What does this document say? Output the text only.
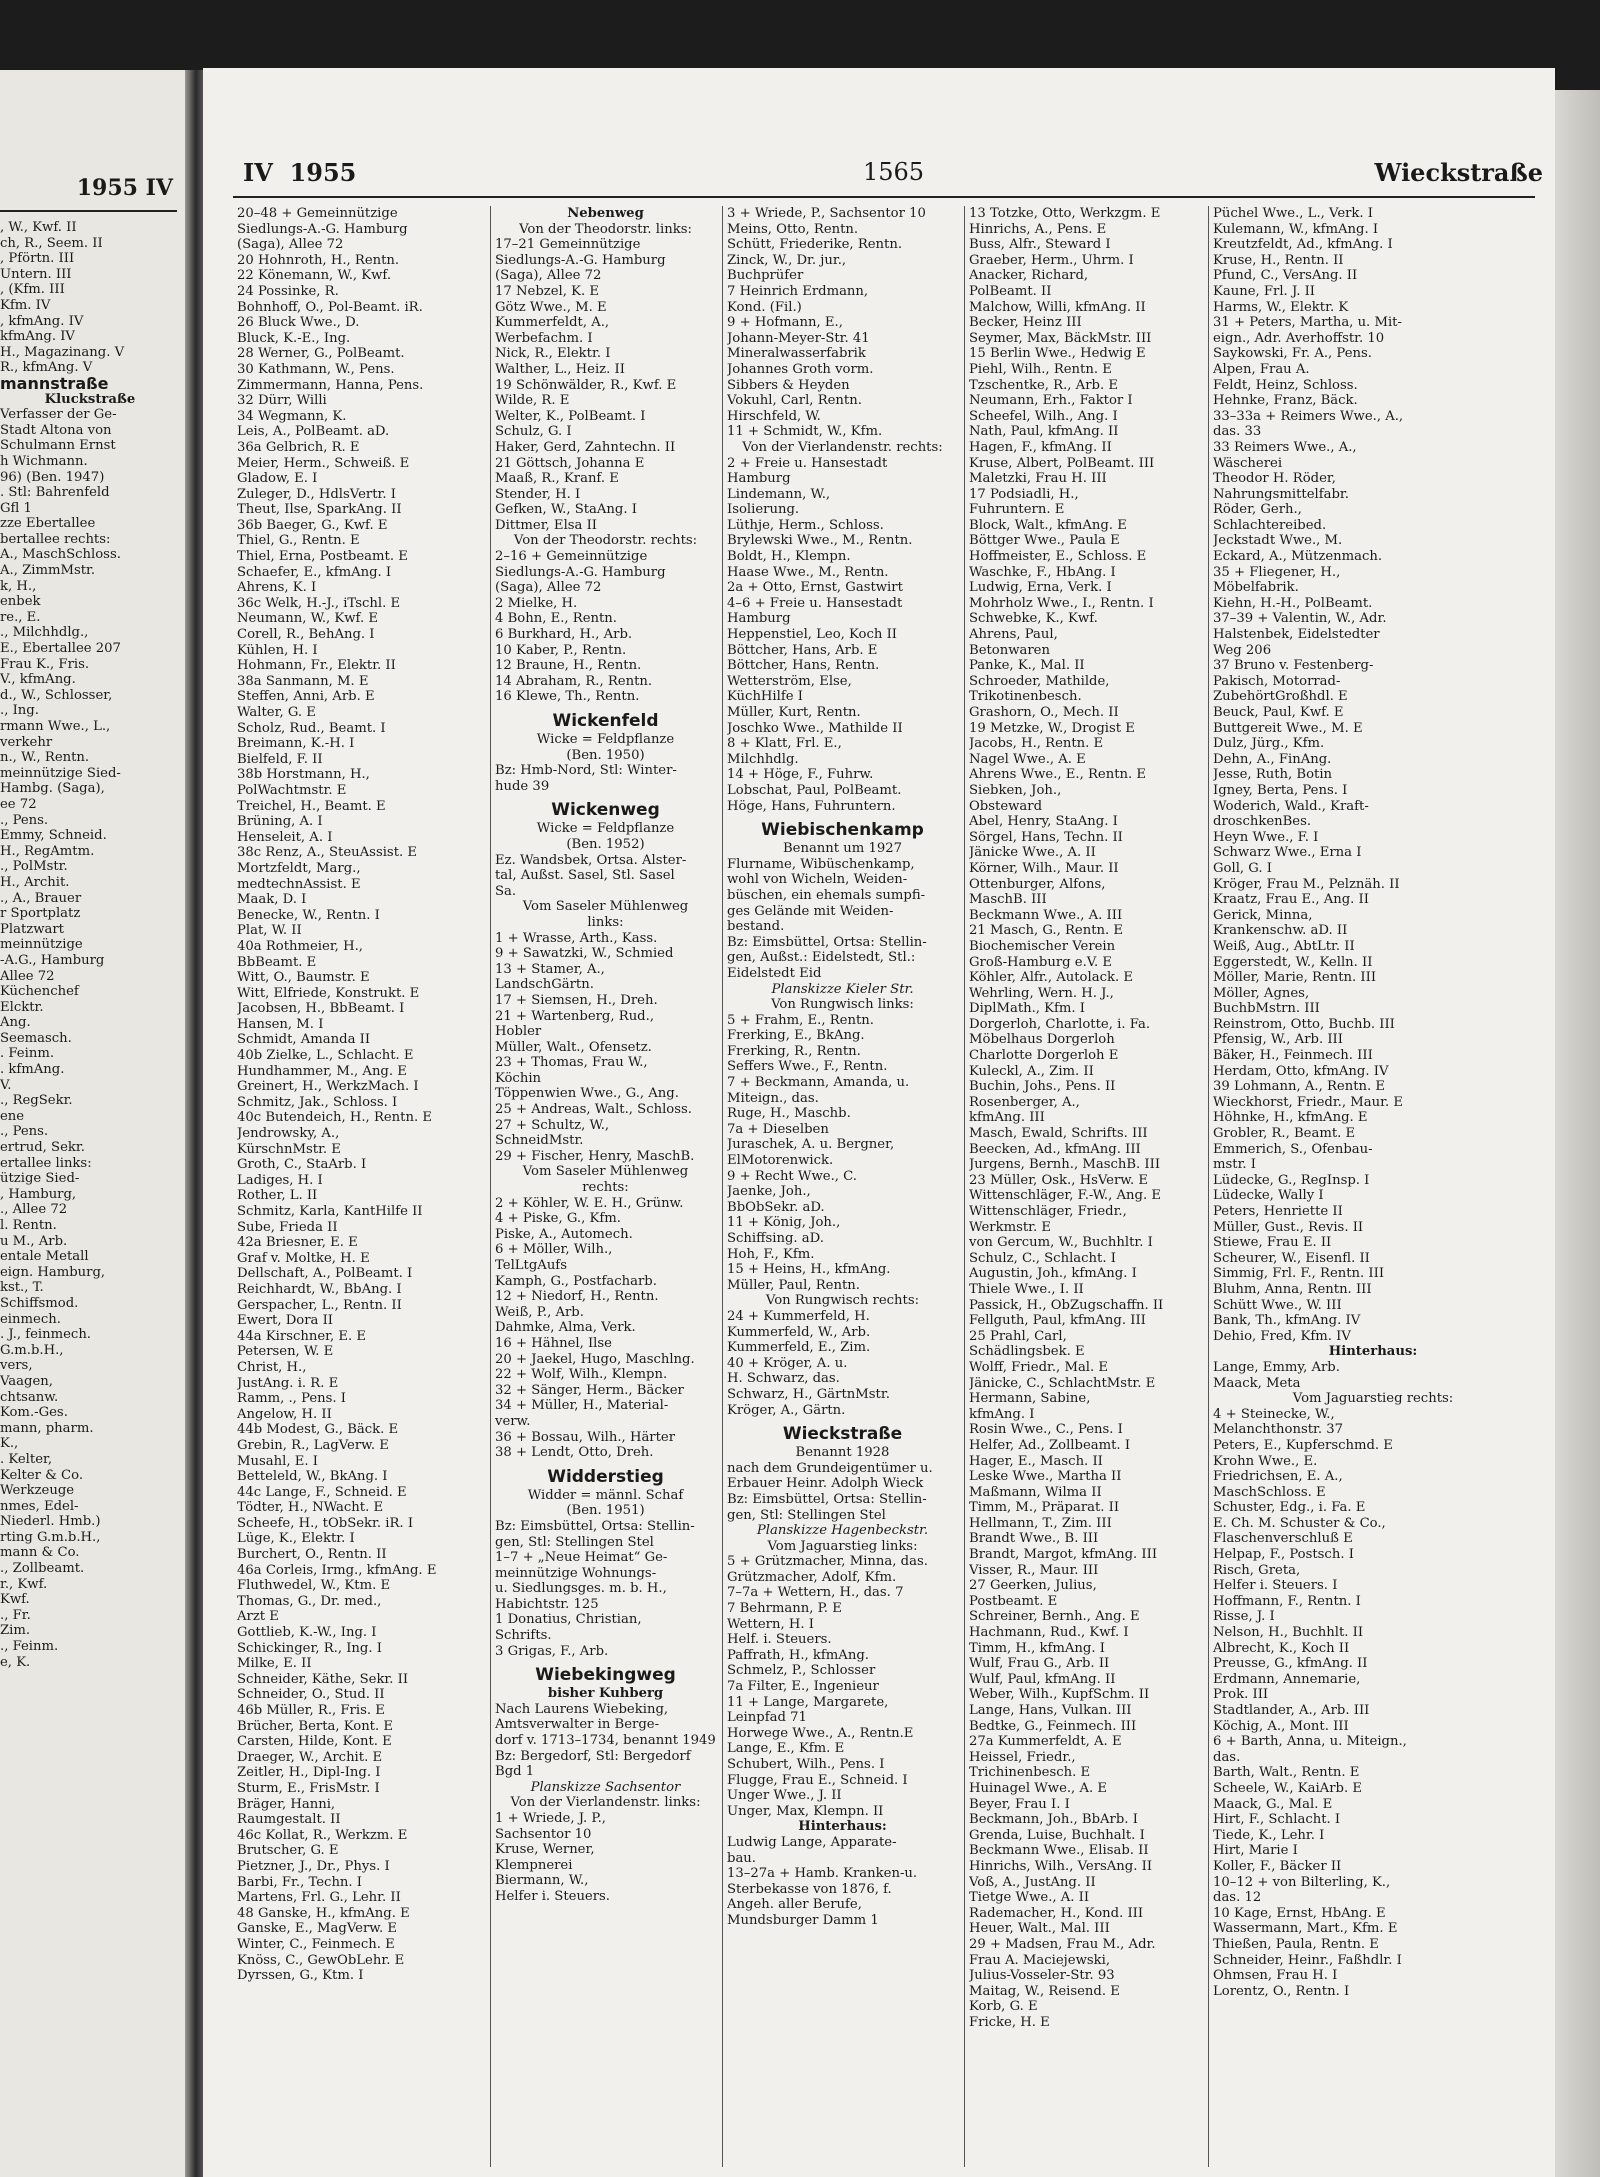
1955 IV
, W., Kwf. II
ch, R., Seem. II
, Pförtn. III
Untern. III
, (Kfm. III
Kfm. IV
, kfmAng. IV
kfmAng. IV
H., Magazinang. V
R., kfmAng. V
mannstraße
Kluckstraße
Verfasser der Ge-
Stadt Altona von
Schulmann Ernst
h Wichmann.
96) (Ben. 1947)
. Stl: Bahrenfeld
Gfl 1
zze Ebertallee
bertallee rechts:
A., MaschSchloss.
A., ZimmMstr.
k, H.,
enbek
re., E.
., Milchhdlg.,
E., Ebertallee 207
Frau K., Fris.
V., kfmAng.
d., W., Schlosser,
., Ing.
rmann Wwe., L.,
verkehr
n., W., Rentn.
meinnützige Sied-
Hambg. (Saga),
ee 72
., Pens.
Emmy, Schneid.
H., RegAmtm.
., PolMstr.
H., Archit.
., A., Brauer
r Sportplatz
Platzwart
meinnützige
-A.G., Hamburg
Allee 72
Küchenchef
Elcktr.
Ang.
Seemasch.
. Feinm.
. kfmAng.
V.
., RegSekr.
ene
., Pens.
ertrud, Sekr.
ertallee links:
ützige Sied-
, Hamburg,
., Allee 72
l. Rentn.
u M., Arb.
entale Metall
eign. Hamburg,
kst., T.
Schiffsmod.
einmech.
. J., feinmech.
G.m.b.H.,
vers,
Vaagen,
chtsanw.
Kom.-Ges.
mann, pharm.
K.,
. Kelter,
Kelter & Co.
Werkzeuge
nmes, Edel-
Niederl. Hmb.)
rting G.m.b.H.,
mann & Co.
., Zollbeamt.
r., Kwf.
Kwf.
., Fr.
Zim.
., Feinm.
e, K.
IV 1955	1565	Wieckstraße
20–48 + Gemeinnützige
Siedlungs-A.-G. Hamburg
(Saga), Allee 72
20 Hohnroth, H., Rentn.
22 Könemann, W., Kwf.
24 Possinke, R.
Bohnhoff, O., Pol-Beamt. iR.
26 Bluck Wwe., D.
Bluck, K.-E., Ing.
28 Werner, G., PolBeamt.
30 Kathmann, W., Pens.
Zimmermann, Hanna, Pens.
32 Dürr, Willi
34 Wegmann, K.
Leis, A., PolBeamt. aD.
36a Gelbrich, R. E
Meier, Herm., Schweiß. E
Gladow, E. I
Zuleger, D., HdlsVertr. I
Theut, Ilse, SparkAng. II
36b Baeger, G., Kwf. E
Thiel, G., Rentn. E
Thiel, Erna, Postbeamt. E
Schaefer, E., kfmAng. I
Ahrens, K. I
36c Welk, H.-J., iTschl. E
Neumann, W., Kwf. E
Corell, R., BehAng. I
Kühlen, H. I
Hohmann, Fr., Elektr. II
38a Sanmann, M. E
Steffen, Anni, Arb. E
Walter, G. E
Scholz, Rud., Beamt. I
Breimann, K.-H. I
Bielfeld, F. II
38b Horstmann, H.,
PolWachtmstr. E
Treichel, H., Beamt. E
Brüning, A. I
Henseleit, A. I
38c Renz, A., SteuAssist. E
Mortzfeldt, Marg.,
medtechnAssist. E
Maak, D. I
Benecke, W., Rentn. I
Plat, W. II
40a Rothmeier, H.,
BbBeamt. E
Witt, O., Baumstr. E
Witt, Elfriede, Konstrukt. E
Jacobsen, H., BbBeamt. I
Hansen, M. I
Schmidt, Amanda II
40b Zielke, L., Schlacht. E
Hundhammer, M., Ang. E
Greinert, H., WerkzMach. I
Schmitz, Jak., Schloss. I
40c Butendeich, H., Rentn. E
Jendrowsky, A.,
KürschnMstr. E
Groth, C., StaArb. I
Ladiges, H. I
Rother, L. II
Schmitz, Karla, KantHilfe II
Sube, Frieda II
42a Briesner, E. E
Graf v. Moltke, H. E
Dellschaft, A., PolBeamt. I
Reichhardt, W., BbAng. I
Gerspacher, L., Rentn. II
Ewert, Dora II
44a Kirschner, E. E
Petersen, W. E
Christ, H.,
JustAng. i. R. E
Ramm, ., Pens. I
Angelow, H. II
44b Modest, G., Bäck. E
Grebin, R., LagVerw. E
Musahl, E. I
Betteleld, W., BkAng. I
44c Lange, F., Schneid. E
Tödter, H., NWacht. E
Scheefe, H., tObSekr. iR. I
Lüge, K., Elektr. I
Burchert, O., Rentn. II
46a Corleis, Irmg., kfmAng. E
Fluthwedel, W., Ktm. E
Thomas, G., Dr. med.,
Arzt E
Gottlieb, K.-W., Ing. I
Schickinger, R., Ing. I
Milke, E. II
Schneider, Käthe, Sekr. II
Schneider, O., Stud. II
46b Müller, R., Fris. E
Brücher, Berta, Kont. E
Carsten, Hilde, Kont. E
Draeger, W., Archit. E
Zeitler, H., Dipl-Ing. I
Sturm, E., FrisMstr. I
Bräger, Hanni,
Raumgestalt. II
46c Kollat, R., Werkzm. E
Brutscher, G. E
Pietzner, J., Dr., Phys. I
Barbi, Fr., Techn. I
Martens, Frl. G., Lehr. II
48 Ganske, H., kfmAng. E
Ganske, E., MagVerw. E
Winter, C., Feinmech. E
Knöss, C., GewObLehr. E
Dyrssen, G., Ktm. I
Nebenweg
Von der Theodorstr. links:
17–21 Gemeinnützige
Siedlungs-A.-G. Hamburg
(Saga), Allee 72
17 Nebzel, K. E
Götz Wwe., M. E
Kummerfeldt, A.,
Werbefachm. I
Nick, R., Elektr. I
Walther, L., Heiz. II
19 Schönwälder, R., Kwf. E
Wilde, R. E
Welter, K., PolBeamt. I
Schulz, G. I
Haker, Gerd, Zahntechn. II
21 Göttsch, Johanna E
Maaß, R., Kranf. E
Stender, H. I
Gefken, W., StaAng. I
Dittmer, Elsa II
Von der Theodorstr. rechts:
2–16 + Gemeinnützige
Siedlungs-A.-G. Hamburg
(Saga), Allee 72
2 Mielke, H.
4 Bohn, E., Rentn.
6 Burkhard, H., Arb.
10 Kaber, P., Rentn.
12 Braune, H., Rentn.
14 Abraham, R., Rentn.
16 Klewe, Th., Rentn.
Wickenfeld
Wicke = Feldpflanze
(Ben. 1950)
Bz: Hmb-Nord, Stl: Winter-
hude 39
Wickenweg
Wicke = Feldpflanze
(Ben. 1952)
Ez. Wandsbek, Ortsa. Alster-
tal, Außst. Sasel, Stl. Sasel
Sa.
Vom Saseler Mühlenweg
links:
1 + Wrasse, Arth., Kass.
9 + Sawatzki, W., Schmied
13 + Stamer, A.,
LandschGärtn.
17 + Siemsen, H., Dreh.
21 + Wartenberg, Rud.,
Hobler
Müller, Walt., Ofensetz.
23 + Thomas, Frau W.,
Köchin
Töppenwien Wwe., G., Ang.
25 + Andreas, Walt., Schloss.
27 + Schultz, W.,
SchneidMstr.
29 + Fischer, Henry, MaschB.
Vom Saseler Mühlenweg
rechts:
2 + Köhler, W. E. H., Grünw.
4 + Piske, G., Kfm.
Piske, A., Automech.
6 + Möller, Wilh.,
TelLtgAufs
Kamph, G., Postfacharb.
12 + Niedorf, H., Rentn.
Weiß, P., Arb.
Dahmke, Alma, Verk.
16 + Hähnel, Ilse
20 + Jaekel, Hugo, Maschlng.
22 + Wolf, Wilh., Klempn.
32 + Sänger, Herm., Bäcker
34 + Müller, H., Material-
verw.
36 + Bossau, Wilh., Härter
38 + Lendt, Otto, Dreh.
Widderstieg
Widder = männl. Schaf
(Ben. 1951)
Bz: Eimsbüttel, Ortsa: Stellin-
gen, Stl: Stellingen Stel
1–7 + „Neue Heimat“ Ge-
meinnützige Wohnungs-
u. Siedlungsges. m. b. H.,
Habichtstr. 125
1 Donatius, Christian,
Schrifts.
3 Grigas, F., Arb.
Wiebekingweg
bisher Kuhberg
Nach Laurens Wiebeking,
Amtsverwalter in Berge-
dorf v. 1713–1734, benannt 1949
Bz: Bergedorf, Stl: Bergedorf
Bgd 1
Planskizze Sachsentor
Von der Vierlandenstr. links:
1 + Wriede, J. P.,
Sachsentor 10
Kruse, Werner,
Klempnerei
Biermann, W.,
Helfer i. Steuers.
3 + Wriede, P., Sachsentor 10
Meins, Otto, Rentn.
Schütt, Friederike, Rentn.
Zinck, W., Dr. jur.,
Buchprüfer
7 Heinrich Erdmann,
Kond. (Fil.)
9 + Hofmann, E.,
Johann-Meyer-Str. 41
Mineralwasserfabrik
Johannes Groth vorm.
Sibbers & Heyden
Vokuhl, Carl, Rentn.
Hirschfeld, W.
11 + Schmidt, W., Kfm.
Von der Vierlandenstr. rechts:
2 + Freie u. Hansestadt
Hamburg
Lindemann, W.,
Isolierung.
Lüthje, Herm., Schloss.
Brylewski Wwe., M., Rentn.
Boldt, H., Klempn.
Haase Wwe., M., Rentn.
2a + Otto, Ernst, Gastwirt
4–6 + Freie u. Hansestadt
Hamburg
Heppenstiel, Leo, Koch II
Böttcher, Hans, Arb. E
Böttcher, Hans, Rentn.
Wetterström, Else,
KüchHilfe I
Müller, Kurt, Rentn.
Joschko Wwe., Mathilde II
8 + Klatt, Frl. E.,
Milchhdlg.
14 + Höge, F., Fuhrw.
Lobschat, Paul, PolBeamt.
Höge, Hans, Fuhruntern.
Wiebischenkamp
Benannt um 1927
Flurname, Wibüschenkamp,
wohl von Wicheln, Weiden-
büschen, ein ehemals sumpfi-
ges Gelände mit Weiden-
bestand.
Bz: Eimsbüttel, Ortsa: Stellin-
gen, Außst.: Eidelstedt, Stl.:
Eidelstedt Eid
Planskizze Kieler Str.
Von Rungwisch links:
5 + Frahm, E., Rentn.
Frerking, E., BkAng.
Frerking, R., Rentn.
Seffers Wwe., F., Rentn.
7 + Beckmann, Amanda, u.
Miteign., das.
Ruge, H., Maschb.
7a + Dieselben
Juraschek, A. u. Bergner,
ElMotorenwick.
9 + Recht Wwe., C.
Jaenke, Joh.,
BbObSekr. aD.
11 + König, Joh.,
Schiffsing. aD.
Hoh, F., Kfm.
15 + Heins, H., kfmAng.
Müller, Paul, Rentn.
Von Rungwisch rechts:
24 + Kummerfeld, H.
Kummerfeld, W., Arb.
Kummerfeld, E., Zim.
40 + Kröger, A. u.
H. Schwarz, das.
Schwarz, H., GärtnMstr.
Kröger, A., Gärtn.
Wieckstraße
Benannt 1928
nach dem Grundeigentümer u.
Erbauer Heinr. Adolph Wieck
Bz: Eimsbüttel, Ortsa: Stellin-
gen, Stl: Stellingen Stel
Planskizze Hagenbeckstr.
Vom Jaguarstieg links:
5 + Grützmacher, Minna, das.
Grützmacher, Adolf, Kfm.
7–7a + Wettern, H., das. 7
7 Behrmann, P. E
Wettern, H. I
Helf. i. Steuers.
Paffrath, H., kfmAng.
Schmelz, P., Schlosser
7a Filter, E., Ingenieur
11 + Lange, Margarete,
Leinpfad 71
Horwege Wwe., A., Rentn.E
Lange, E., Kfm. E
Schubert, Wilh., Pens. I
Flugge, Frau E., Schneid. I
Unger Wwe., J. II
Unger, Max, Klempn. II
Hinterhaus:
Ludwig Lange, Apparate-
bau.
13–27a + Hamb. Kranken-u.
Sterbekasse von 1876, f.
Angeh. aller Berufe,
Mundsburger Damm 1
13 Totzke, Otto, Werkzgm. E
Hinrichs, A., Pens. E
Buss, Alfr., Steward I
Graeber, Herm., Uhrm. I
Anacker, Richard,
PolBeamt. II
Malchow, Willi, kfmAng. II
Becker, Heinz III
Seymer, Max, BäckMstr. III
15 Berlin Wwe., Hedwig E
Piehl, Wilh., Rentn. E
Tzschentke, R., Arb. E
Neumann, Erh., Faktor I
Scheefel, Wilh., Ang. I
Nath, Paul, kfmAng. II
Hagen, F., kfmAng. II
Kruse, Albert, PolBeamt. III
Maletzki, Frau H. III
17 Podsiadli, H.,
Fuhruntern. E
Block, Walt., kfmAng. E
Böttger Wwe., Paula E
Hoffmeister, E., Schloss. E
Waschke, F., HbAng. I
Ludwig, Erna, Verk. I
Mohrholz Wwe., I., Rentn. I
Schwebke, K., Kwf.
Ahrens, Paul,
Betonwaren
Panke, K., Mal. II
Schroeder, Mathilde,
Trikotinenbesch.
Grashorn, O., Mech. II
19 Metzke, W., Drogist E
Jacobs, H., Rentn. E
Nagel Wwe., A. E
Ahrens Wwe., E., Rentn. E
Siebken, Joh.,
Obsteward
Abel, Henry, StaAng. I
Sörgel, Hans, Techn. II
Jänicke Wwe., A. II
Körner, Wilh., Maur. II
Ottenburger, Alfons,
MaschB. III
Beckmann Wwe., A. III
21 Masch, G., Rentn. E
Biochemischer Verein
Groß-Hamburg e.V. E
Köhler, Alfr., Autolack. E
Wehrling, Wern. H. J.,
DiplMath., Kfm. I
Dorgerloh, Charlotte, i. Fa.
Möbelhaus Dorgerloh
Charlotte Dorgerloh E
Kuleckl, A., Zim. II
Buchin, Johs., Pens. II
Rosenberger, A.,
kfmAng. III
Masch, Ewald, Schrifts. III
Beecken, Ad., kfmAng. III
Jurgens, Bernh., MaschB. III
23 Müller, Osk., HsVerw. E
Wittenschläger, F.-W., Ang. E
Wittenschläger, Friedr.,
Werkmstr. E
von Gercum, W., Buchhltr. I
Schulz, C., Schlacht. I
Augustin, Joh., kfmAng. I
Thiele Wwe., I. II
Passick, H., ObZugschaffn. II
Fellguth, Paul, kfmAng. III
25 Prahl, Carl,
Schädlingsbek. E
Wolff, Friedr., Mal. E
Jänicke, C., SchlachtMstr. E
Hermann, Sabine,
kfmAng. I
Rosin Wwe., C., Pens. I
Helfer, Ad., Zollbeamt. I
Hager, E., Masch. II
Leske Wwe., Martha II
Maßmann, Wilma II
Timm, M., Präparat. II
Hellmann, T., Zim. III
Brandt Wwe., B. III
Brandt, Margot, kfmAng. III
Visser, R., Maur. III
27 Geerken, Julius,
Postbeamt. E
Schreiner, Bernh., Ang. E
Hachmann, Rud., Kwf. I
Timm, H., kfmAng. I
Wulf, Frau G., Arb. II
Wulf, Paul, kfmAng. II
Weber, Wilh., KupfSchm. II
Lange, Hans, Vulkan. III
Bedtke, G., Feinmech. III
27a Kummerfeldt, A. E
Heissel, Friedr.,
Trichinenbesch. E
Huinagel Wwe., A. E
Beyer, Frau I. I
Beckmann, Joh., BbArb. I
Grenda, Luise, Buchhalt. I
Beckmann Wwe., Elisab. II
Hinrichs, Wilh., VersAng. II
Voß, A., JustAng. II
Tietge Wwe., A. II
Rademacher, H., Kond. III
Heuer, Walt., Mal. III
29 + Madsen, Frau M., Adr.
Frau A. Maciejewski,
Julius-Vosseler-Str. 93
Maitag, W., Reisend. E
Korb, G. E
Fricke, H. E
Püchel Wwe., L., Verk. I
Kulemann, W., kfmAng. I
Kreutzfeldt, Ad., kfmAng. I
Kruse, H., Rentn. II
Pfund, C., VersAng. II
Kaune, Frl. J. II
Harms, W., Elektr. K
31 + Peters, Martha, u. Mit-
eign., Adr. Averhoffstr. 10
Saykowski, Fr. A., Pens.
Alpen, Frau A.
Feldt, Heinz, Schloss.
Hehnke, Franz, Bäck.
33–33a + Reimers Wwe., A.,
das. 33
33 Reimers Wwe., A.,
Wäscherei
Theodor H. Röder,
Nahrungsmittelfabr.
Röder, Gerh.,
Schlachtereibed.
Jeckstadt Wwe., M.
Eckard, A., Mützenmach.
35 + Fliegener, H.,
Möbelfabrik.
Kiehn, H.-H., PolBeamt.
37–39 + Valentin, W., Adr.
Halstenbek, Eidelstedter
Weg 206
37 Bruno v. Festenberg-
Pakisch, Motorrad-
ZubehörtGroßhdl. E
Beuck, Paul, Kwf. E
Buttgereit Wwe., M. E
Dulz, Jürg., Kfm.
Dehn, A., FinAng.
Jesse, Ruth, Botin
Igney, Berta, Pens. I
Woderich, Wald., Kraft-
droschkenBes.
Heyn Wwe., F. I
Schwarz Wwe., Erna I
Goll, G. I
Kröger, Frau M., Pelznäh. II
Kraatz, Frau E., Ang. II
Gerick, Minna,
Krankenschw. aD. II
Weiß, Aug., AbtLtr. II
Eggerstedt, W., Kelln. II
Möller, Marie, Rentn. III
Möller, Agnes,
BuchbMstrn. III
Reinstrom, Otto, Buchb. III
Pfensig, W., Arb. III
Bäker, H., Feinmech. III
Herdam, Otto, kfmAng. IV
39 Lohmann, A., Rentn. E
Wieckhorst, Friedr., Maur. E
Höhnke, H., kfmAng. E
Grobler, R., Beamt. E
Emmerich, S., Ofenbau-
mstr. I
Lüdecke, G., RegInsp. I
Lüdecke, Wally I
Peters, Henriette II
Müller, Gust., Revis. II
Stiewe, Frau E. II
Scheurer, W., Eisenfl. II
Simmig, Frl. F., Rentn. III
Bluhm, Anna, Rentn. III
Schütt Wwe., W. III
Bank, Th., kfmAng. IV
Dehio, Fred, Kfm. IV
Hinterhaus:
Lange, Emmy, Arb.
Maack, Meta
Vom Jaguarstieg rechts:
4 + Steinecke, W.,
Melanchthonstr. 37
Peters, E., Kupferschmd. E
Krohn Wwe., E.
Friedrichsen, E. A.,
MaschSchloss. E
Schuster, Edg., i. Fa. E
E. Ch. M. Schuster & Co.,
Flaschenverschluß E
Helpap, F., Postsch. I
Risch, Greta,
Helfer i. Steuers. I
Hoffmann, F., Rentn. I
Risse, J. I
Nelson, H., Buchhlt. II
Albrecht, K., Koch II
Preusse, G., kfmAng. II
Erdmann, Annemarie,
Prok. III
Stadtlander, A., Arb. III
Köchig, A., Mont. III
6 + Barth, Anna, u. Miteign.,
das.
Barth, Walt., Rentn. E
Scheele, W., KaiArb. E
Maack, G., Mal. E
Hirt, F., Schlacht. I
Tiede, K., Lehr. I
Hirt, Marie I
Koller, F., Bäcker II
10–12 + von Bilterling, K.,
das. 12
10 Kage, Ernst, HbAng. E
Wassermann, Mart., Kfm. E
Thießen, Paula, Rentn. E
Schneider, Heinr., Faßhdlr. I
Ohmsen, Frau H. I
Lorentz, O., Rentn. I
